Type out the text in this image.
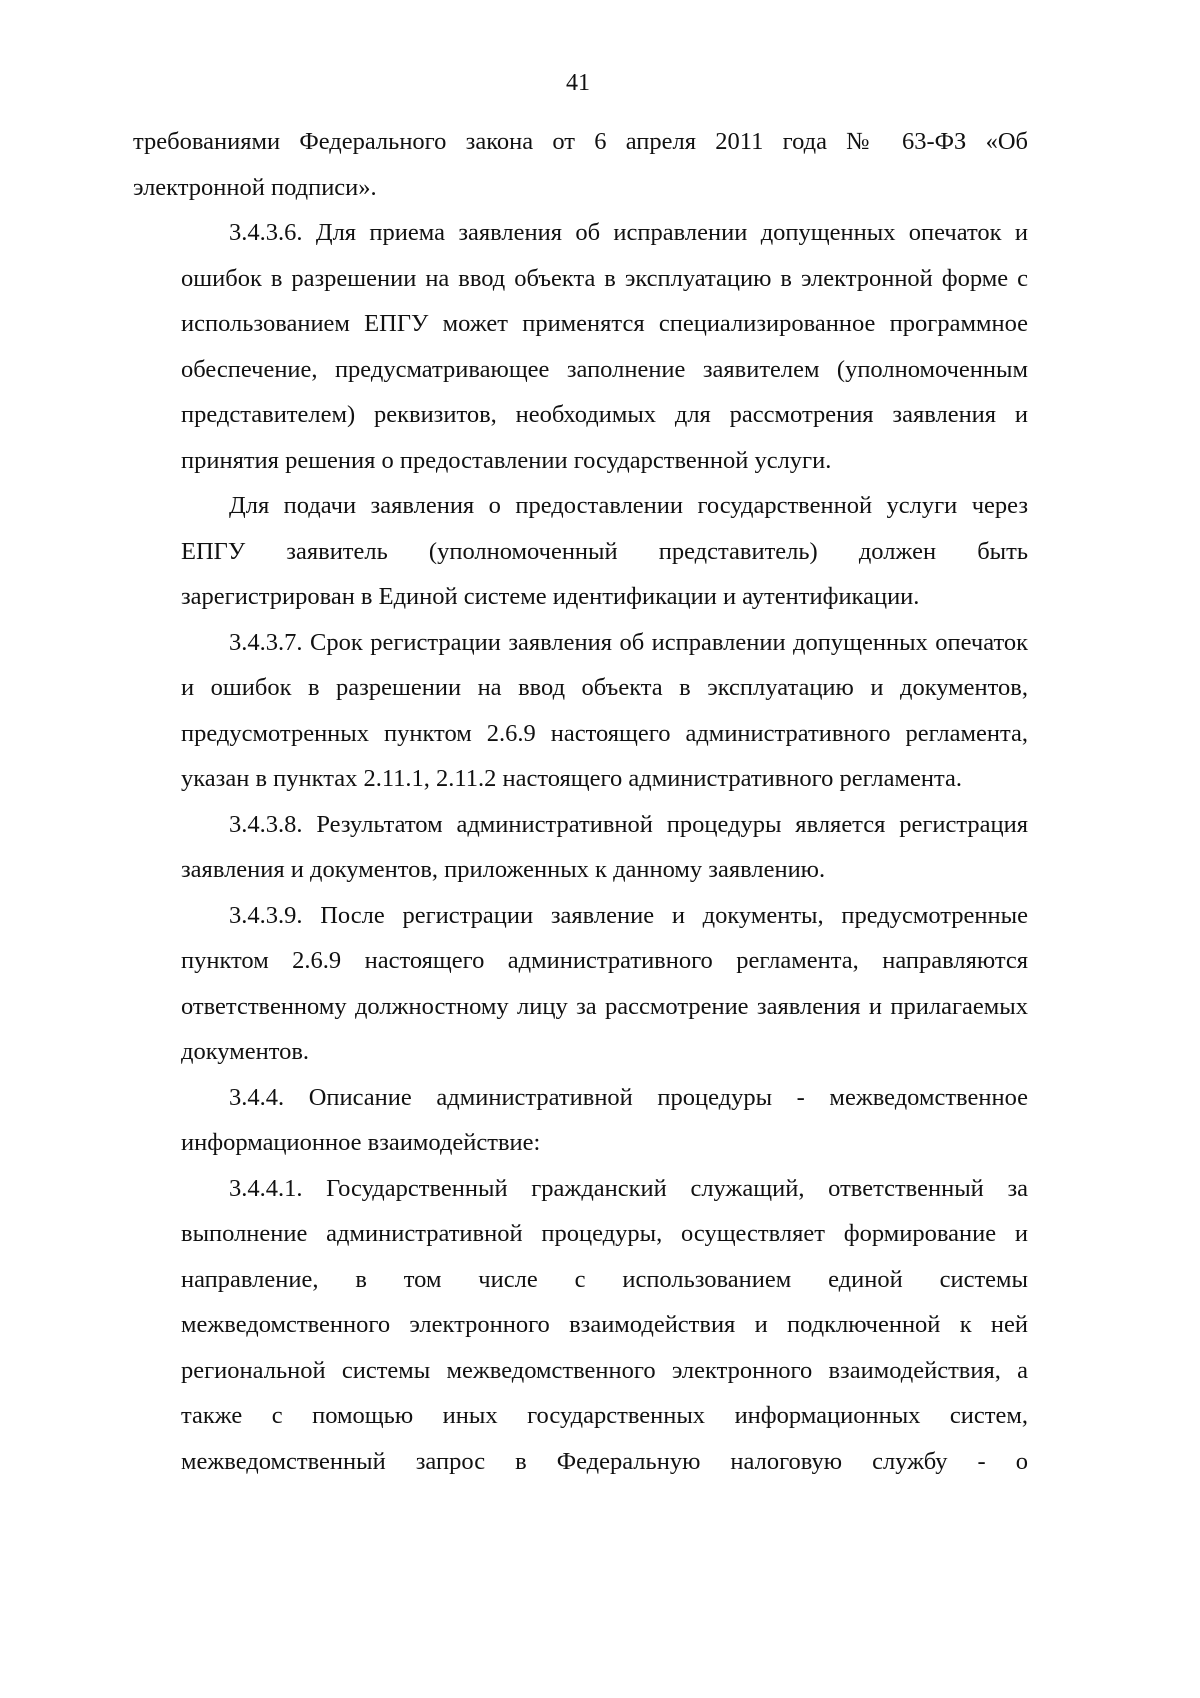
41
требованиями Федерального закона от 6 апреля 2011 года № 63-ФЗ «Об
электронной подписи».
3.4.3.6. Для приема заявления об исправлении допущенных опечаток и
ошибок в разрешении на ввод объекта в эксплуатацию в электронной форме с
использованием ЕПГУ может применятся специализированное программное
обеспечение, предусматривающее заполнение заявителем (уполномоченным
представителем) реквизитов, необходимых для рассмотрения заявления и
принятия решения о предоставлении государственной услуги.
Для подачи заявления о предоставлении государственной услуги через
ЕПГУ заявитель (уполномоченный представитель) должен быть
зарегистрирован в Единой системе идентификации и аутентификации.
3.4.3.7. Срок регистрации заявления об исправлении допущенных опечаток
и ошибок в разрешении на ввод объекта в эксплуатацию и документов,
предусмотренных пунктом 2.6.9 настоящего административного регламента,
указан в пунктах 2.11.1, 2.11.2 настоящего административного регламента.
3.4.3.8. Результатом административной процедуры является регистрация
заявления и документов, приложенных к данному заявлению.
3.4.3.9. После регистрации заявление и документы, предусмотренные
пунктом 2.6.9 настоящего административного регламента, направляются
ответственному должностному лицу за рассмотрение заявления и прилагаемых
документов.
3.4.4. Описание административной процедуры - межведомственное
информационное взаимодействие:
3.4.4.1. Государственный гражданский служащий, ответственный за
выполнение административной процедуры, осуществляет формирование и
направление, в том числе с использованием единой системы
межведомственного электронного взаимодействия и подключенной к ней
региональной системы межведомственного электронного взаимодействия, а
также с помощью иных государственных информационных систем,
межведомственный запрос в Федеральную налоговую службу - о
